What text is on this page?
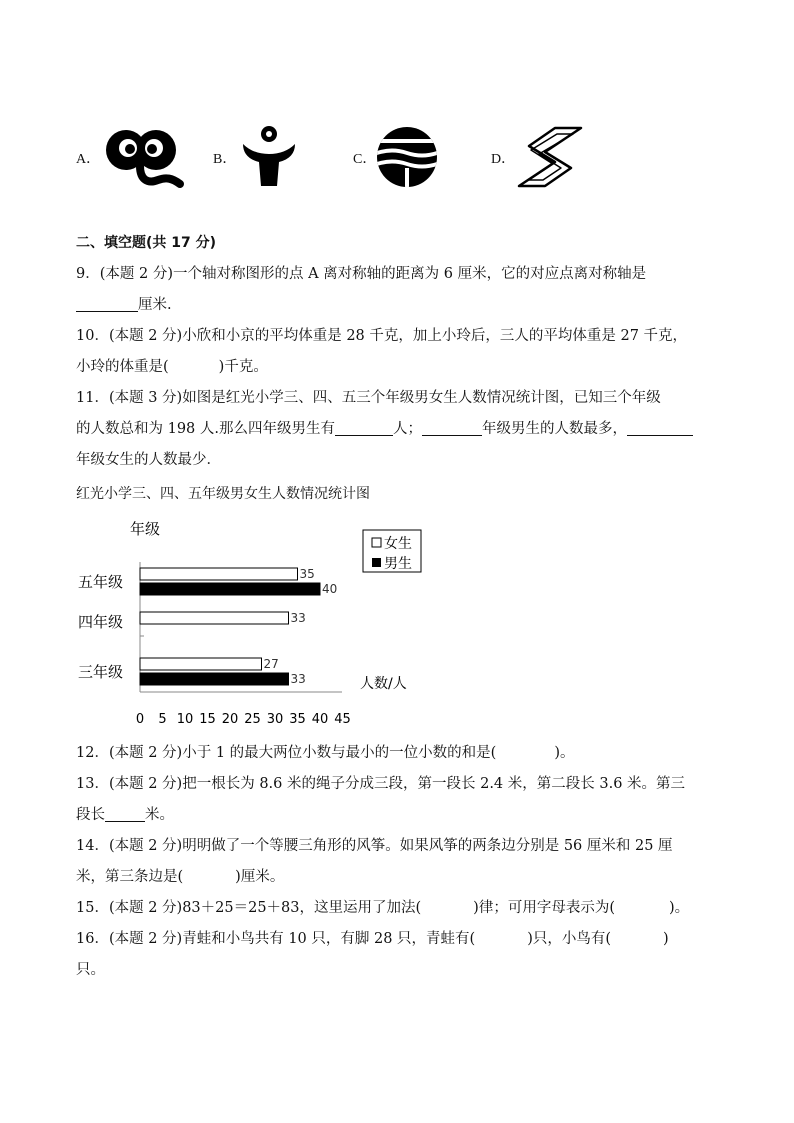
A．	B．	C．	D．
二、填空题(共 17 分)
9．(本题 2 分)一个轴对称图形的点 A 离对称轴的距离为 6 厘米，它的对应点离对称轴是
厘米.
10．(本题 2 分)小欣和小京的平均体重是 28 千克，加上小玲后，三人的平均体重是 27 千克，
小玲的体重是(	)千克。
11．(本题 3 分)如图是红光小学三、四、五三个年级男女生人数情况统计图，已知三个年级
的人数总和为 198 人.那么四年级男生有	人；	年级男生的人数最多，
年级女生的人数最少．
红光小学三、四、五年级男女生人数情况统计图
年级
人数/人
35
40
33
27
33
五年级
四年级
三年级
0 5 10 15 20 25 30 35 40 45
女生
男生
12．(本题 2 分)小于 1 的最大两位小数与最小的一位小数的和是(	)。
13．(本题 2 分)把一根长为 8.6 米的绳子分成三段，第一段长 2.4 米，第二段长 3.6 米。第三
段长	米。
14．(本题 2 分)明明做了一个等腰三角形的风筝。如果风筝的两条边分别是 56 厘米和 25 厘
米，第三条边是(	)厘米。
15．(本题 2 分)83＋25＝25＋83，这里运用了加法(	)律；可用字母表示为(	)。
16．(本题 2 分)青蛙和小鸟共有 10 只，有脚 28 只，青蛙有(	)只，小鸟有(	)
只。
